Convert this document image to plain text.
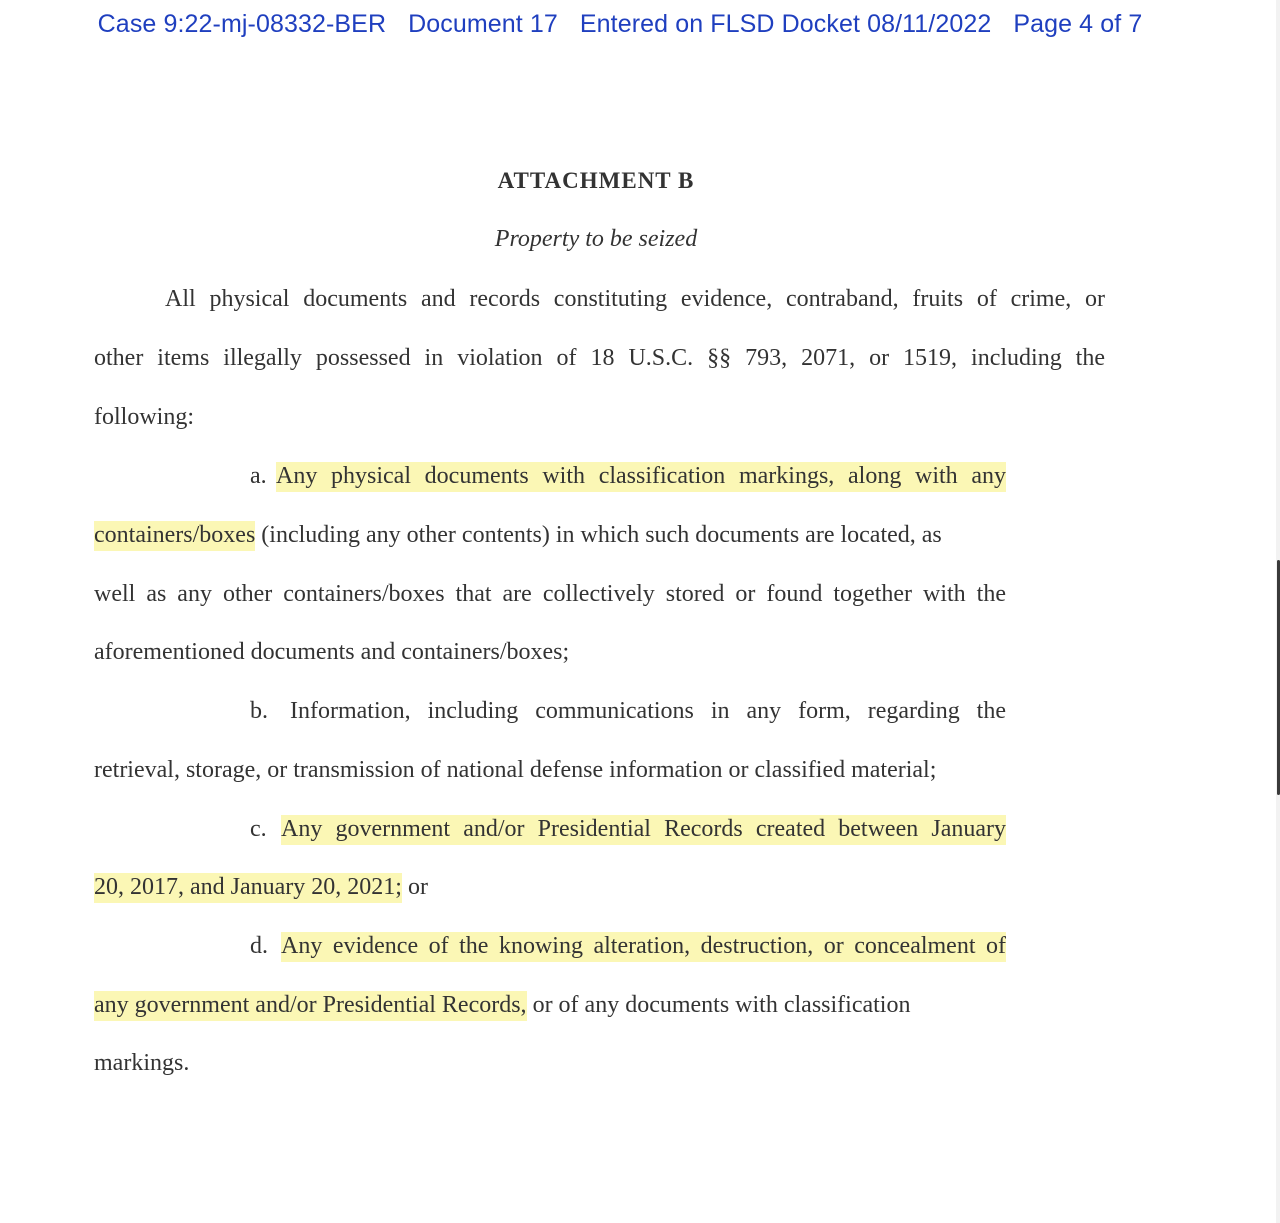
Case 9:22-mj-08332-BER Document 17 Entered on FLSD Docket 08/11/2022 Page 4 of 7
ATTACHMENT B
Property to be seized
All physical documents and records constituting evidence, contraband, fruits of crime, or
other items illegally possessed in violation of 18 U.S.C. §§ 793, 2071, or 1519, including the
following:
a. Any physical documents with classification markings, along with any
containers/boxes (including any other contents) in which such documents are located, as
well as any other containers/boxes that are collectively stored or found together with the
aforementioned documents and containers/boxes;
b. Information, including communications in any form, regarding the
retrieval, storage, or transmission of national defense information or classified material;
c. Any government and/or Presidential Records created between January
20, 2017, and January 20, 2021; or
d. Any evidence of the knowing alteration, destruction, or concealment of
any government and/or Presidential Records, or of any documents with classification
markings.
